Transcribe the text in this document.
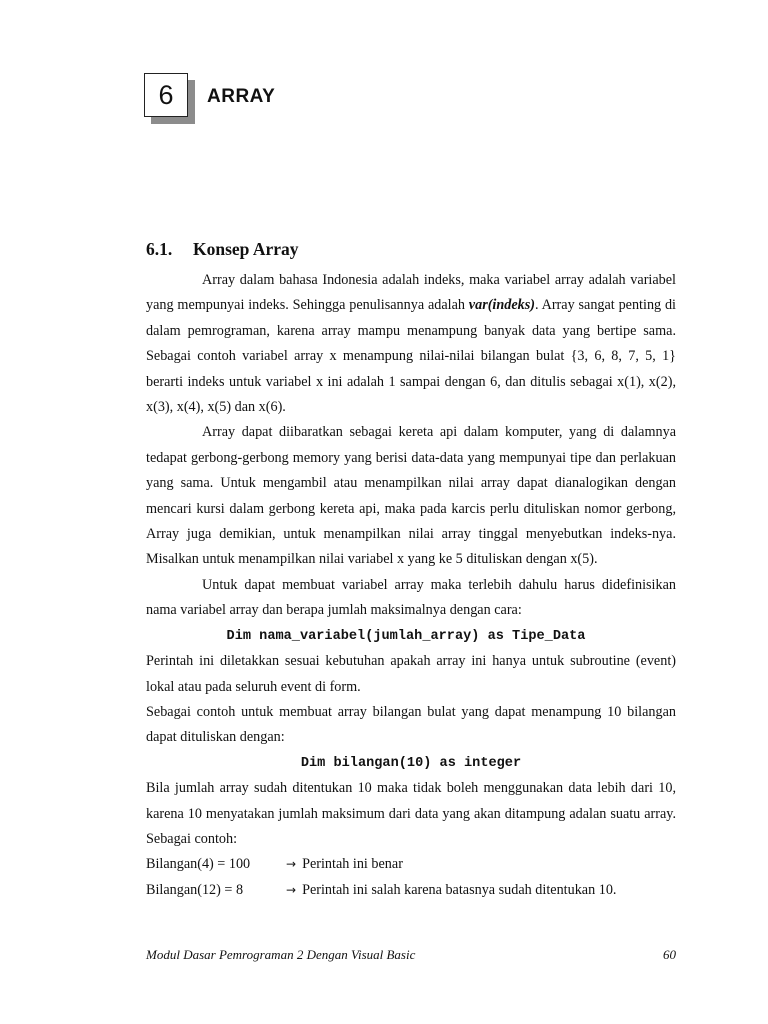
6	ARRAY
6.1. Konsep Array

Array dalam bahasa Indonesia adalah indeks, maka variabel array adalah variabel yang mempunyai indeks. Sehingga penulisannya adalah var(indeks). Array sangat penting di dalam pemrograman, karena array mampu menampung banyak data yang bertipe sama. Sebagai contoh variabel array x menampung nilai-nilai bilangan bulat {3, 6, 8, 7, 5, 1} berarti indeks untuk variabel x ini adalah 1 sampai dengan 6, dan ditulis sebagai x(1), x(2), x(3), x(4), x(5) dan x(6).

Array dapat diibaratkan sebagai kereta api dalam komputer, yang di dalamnya tedapat gerbong-gerbong memory yang berisi data-data yang mempunyai tipe dan perlakuan yang sama. Untuk mengambil atau menampilkan nilai array dapat dianalogikan dengan mencari kursi dalam gerbong kereta api, maka pada karcis perlu dituliskan nomor gerbong, Array juga demikian, untuk menampilkan nilai array tinggal menyebutkan indeks-nya. Misalkan untuk menampilkan nilai variabel x yang ke 5 dituliskan dengan x(5).

Untuk dapat membuat variabel array maka terlebih dahulu harus didefinisikan nama variabel array dan berapa jumlah maksimalnya dengan cara:

Dim nama_variabel(jumlah_array) as Tipe_Data

Perintah ini diletakkan sesuai kebutuhan apakah array ini hanya untuk subroutine (event) lokal atau pada seluruh event di form.

Sebagai contoh untuk membuat array bilangan bulat yang dapat menampung 10 bilangan dapat dituliskan dengan:

Dim bilangan(10) as integer

Bila jumlah array sudah ditentukan 10 maka tidak boleh menggunakan data lebih dari 10, karena 10 menyatakan jumlah maksimum dari data yang akan ditampung adalan suatu array. Sebagai contoh:

Bilangan(4) = 100	→ Perintah ini benar
Bilangan(12) = 8	→ Perintah ini salah karena batasnya sudah ditentukan 10.
Modul Dasar Pemrograman 2 Dengan Visual Basic	60
